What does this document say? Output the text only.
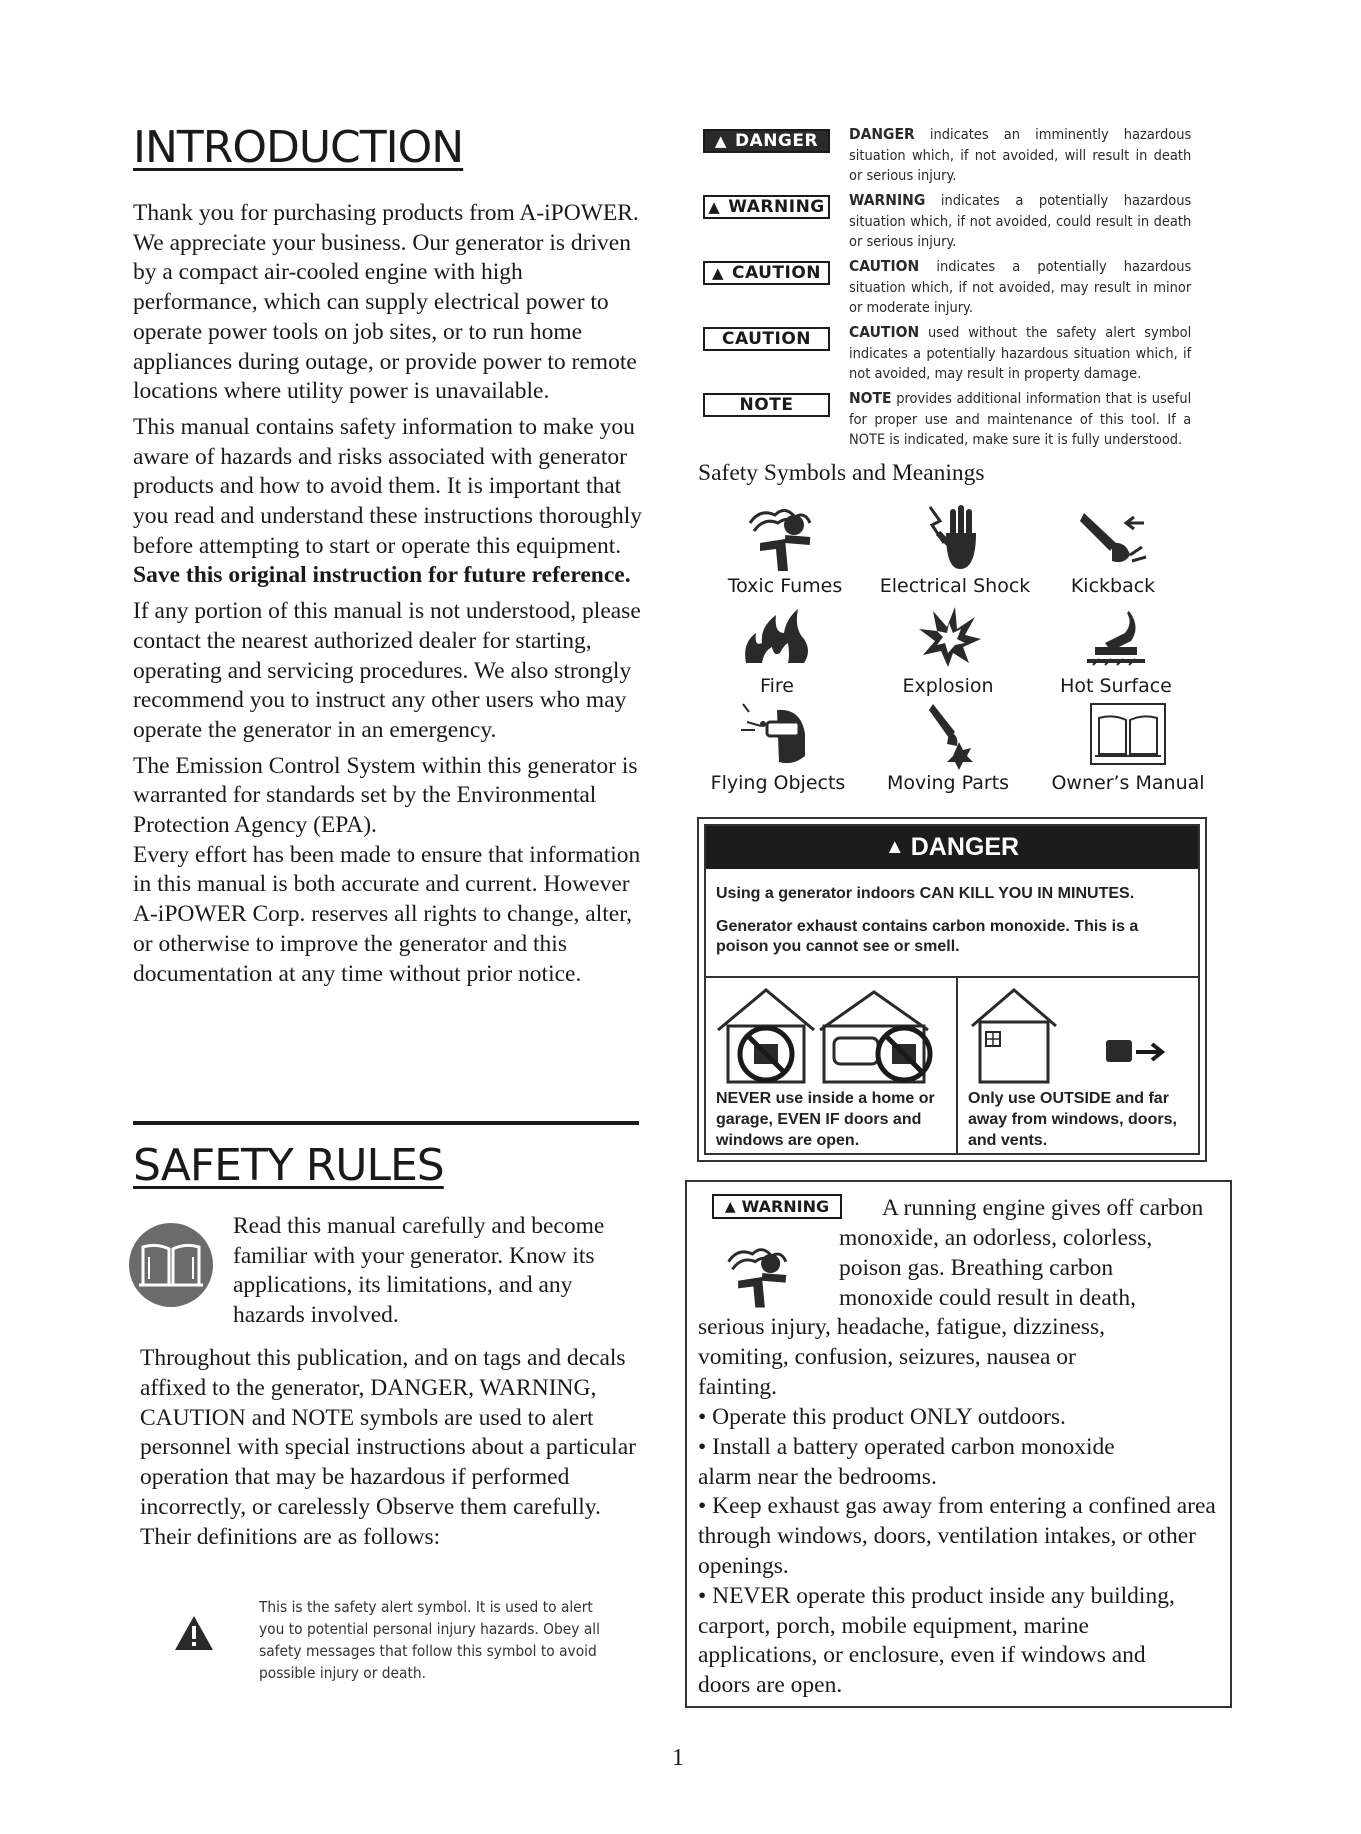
INTRODUCTION

Thank you for purchasing products from A-iPOWER. We appreciate your business. Our generator is driven by a compact air-cooled engine with high performance, which can supply electrical power to operate power tools on job sites, or to run home appliances during outage, or provide power to remote locations where utility power is unavailable.

This manual contains safety information to make you aware of hazards and risks associated with generator products and how to avoid them. It is important that you read and understand these instructions thoroughly before attempting to start or operate this equipment. Save this original instruction for future reference.

If any portion of this manual is not understood, please contact the nearest authorized dealer for starting, operating and servicing procedures. We also strongly recommend you to instruct any other users who may operate the generator in an emergency.

The Emission Control System within this generator is warranted for standards set by the Environmental Protection Agency (EPA).

Every effort has been made to ensure that information in this manual is both accurate and current. However A-iPOWER Corp. reserves all rights to change, alter, or otherwise to improve the generator and this documentation at any time without prior notice.

SAFETY RULES
Read this manual carefully and become familiar with your generator. Know its applications, its limitations, and any hazards involved.
Throughout this publication, and on tags and decals affixed to the generator, DANGER, WARNING, CAUTION and NOTE symbols are used to alert personnel with special instructions about a particular operation that may be hazardous if performed incorrectly, or carelessly Observe them carefully. Their definitions are as follows:
This is the safety alert symbol. It is used to alert you to potential personal injury hazards. Obey all safety messages that follow this symbol to avoid possible injury or death.
▲ DANGER DANGER indicates an imminently hazardous situation which, if not avoided, will result in death or serious injury.
▲ WARNING WARNING indicates a potentially hazardous situation which, if not avoided, could result in death or serious injury.
▲ CAUTION CAUTION indicates a potentially hazardous situation which, if not avoided, may result in minor or moderate injury.
CAUTION	CAUTION used without the safety alert symbol indicates a potentially hazardous situation which, if not avoided, may result in property damage.
NOTE	NOTE provides additional information that is useful for proper use and maintenance of this tool. If a NOTE is indicated, make sure it is fully understood.
Safety Symbols and Meanings
Toxic Fumes	Electrical Shock	Kickback
Fire	Explosion	Hot Surface
Flying Objects	Moving Parts	Owner’s Manual
▲ DANGER
Using a generator indoors CAN KILL YOU IN MINUTES.
Generator exhaust contains carbon monoxide. This is a poison you cannot see or smell.
NEVER use inside a home or garage, EVEN IF doors and windows are open.
Only use OUTSIDE and far away from windows, doors, and vents.
▲ WARNING A running engine gives off carbon
monoxide, an odorless, colorless, poison gas. Breathing carbon monoxide could result in death,
serious injury, headache, fatigue, dizziness, vomiting, confusion, seizures, nausea or fainting.
• Operate this product ONLY outdoors.
• Install a battery operated carbon monoxide alarm near the bedrooms.
• Keep exhaust gas away from entering a confined area through windows, doors, ventilation intakes, or other openings.
• NEVER operate this product inside any building, carport, porch, mobile equipment, marine applications, or enclosure, even if windows and doors are open.
1
